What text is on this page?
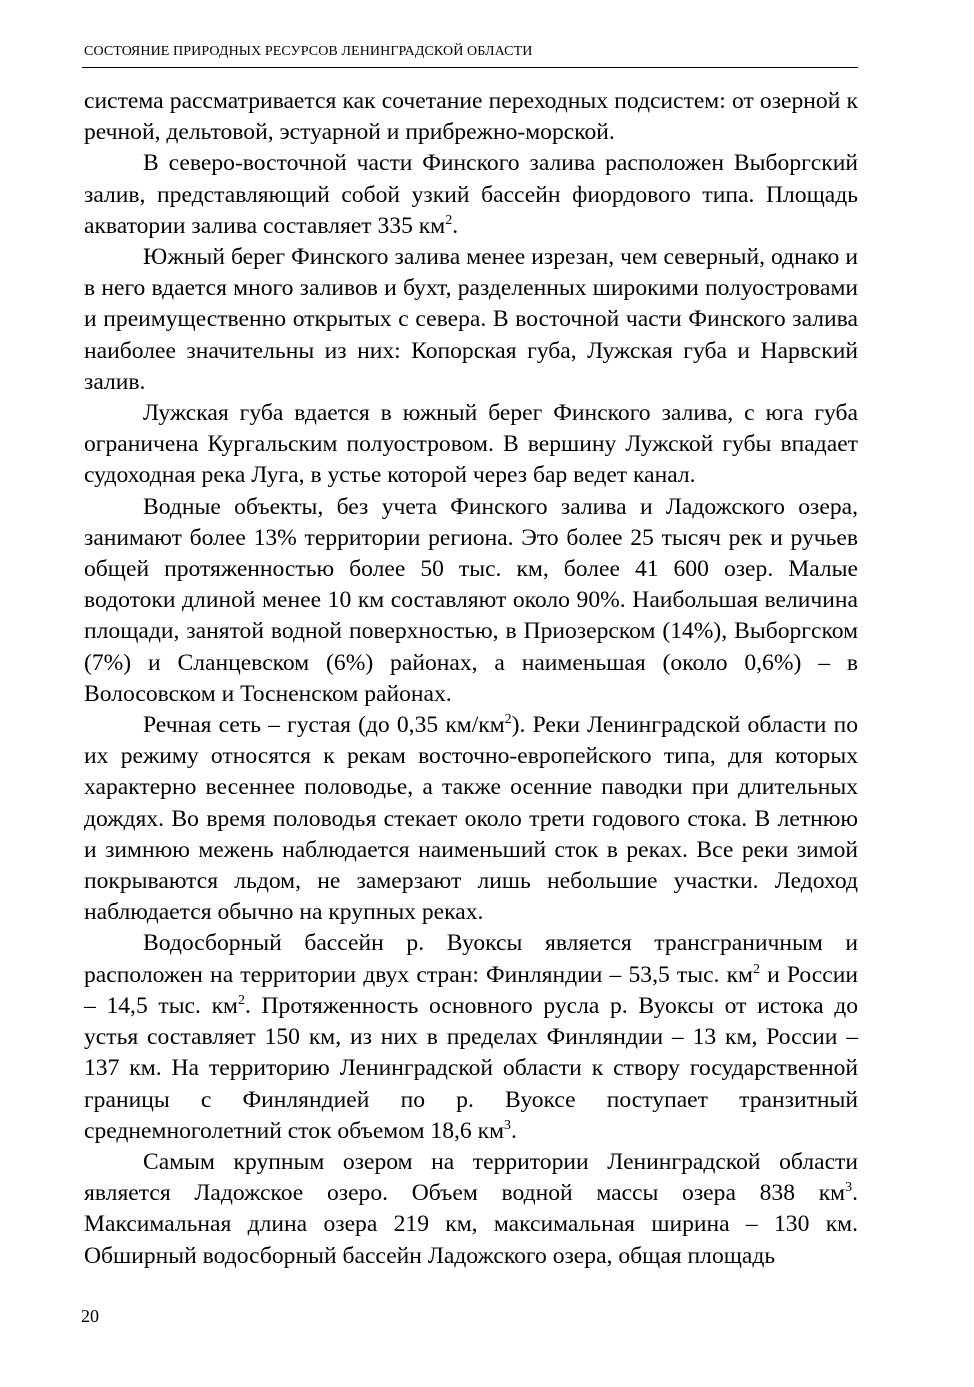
СОСТОЯНИЕ ПРИРОДНЫХ РЕСУРСОВ ЛЕНИНГРАДСКОЙ ОБЛАСТИ

система рассматривается как сочетание переходных подсистем: от озерной к речной, дельтовой, эстуарной и прибрежно-морской.

В северо-восточной части Финского залива расположен Выборгский залив, представляющий собой узкий бассейн фиордового типа. Площадь акватории залива составляет 335 $км^2$.

Южный берег Финского залива менее изрезан, чем северный, однако и в него вдается много заливов и бухт, разделенных широкими полуостровами и преимущественно открытых с севера. В восточной части Финского залива наиболее значительны из них: Копорская губа, Лужская губа и Нарвский залив.

Лужская губа вдается в южный берег Финского залива, с юга губа ограничена Кургальским полуостровом. В вершину Лужской губы впадает судоходная река Луга, в устье которой через бар ведет канал.

Водные объекты, без учета Финского залива и Ладожского озера, занимают более 13% территории региона. Это более 25 тысяч рек и ручьев общей протяженностью более 50 тыс. км, более 41 600 озер. Малые водотоки длиной менее 10 км составляют около 90%. Наибольшая величина площади, занятой водной поверхностью, в Приозерском (14%), Выборгском (7%) и Сланцевском (6%) районах, а наименьшая (около 0,6%) – в Волосовском и Тосненском районах.

Речная сеть – густая (до 0,35 $км/км^2$). Реки Ленинградской области по их режиму относятся к рекам восточно-европейского типа, для которых характерно весеннее половодье, а также осенние паводки при длительных дождях. Во время половодья стекает около трети годового стока. В летнюю и зимнюю межень наблюдается наименьший сток в реках. Все реки зимой покрываются льдом, не замерзают лишь небольшие участки. Ледоход наблюдается обычно на крупных реках.

Водосборный бассейн р. Вуоксы является трансграничным и расположен на территории двух стран: Финляндии – 53,5 тыс. $км^2$ и России – 14,5 тыс. $км^2$. Протяженность основного русла р. Вуоксы от истока до устья составляет 150 км, из них в пределах Финляндии – 13 км, России – 137 км. На территорию Ленинградской области к створу государственной границы с Финляндией по р. Вуоксе поступает транзитный среднемноголетний сток объемом 18,6 $км^3$.

Самым крупным озером на территории Ленинградской области является Ладожское озеро. Объем водной массы озера 838 $км^3$. Максимальная длина озера 219 км, максимальная ширина – 130 км. Обширный водосборный бассейн Ладожского озера, общая площадь

20
